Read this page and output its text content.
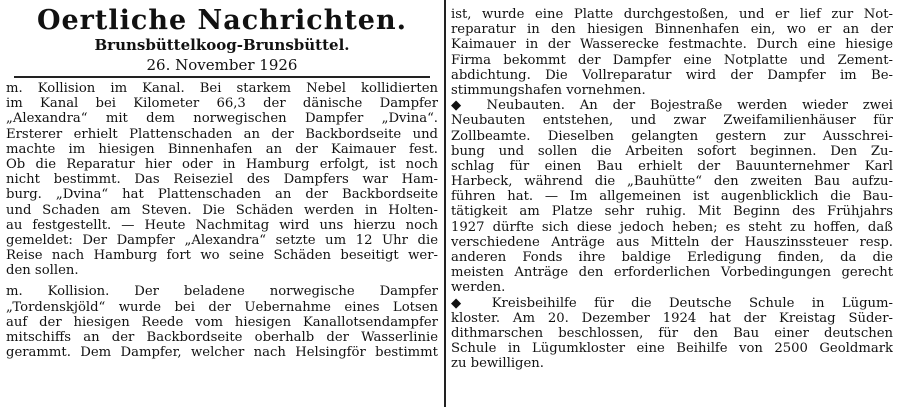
Oertliche Nachrichten.
Brunsbüttelkoog-Brunsbüttel.
26. November 1926
m. Kollision im Kanal. Bei starkem Nebel kollidierten
im Kanal bei Kilometer 66,3 der dänische Dampfer
„Alexandra“ mit dem norwegischen Dampfer „Dvina“.
Ersterer erhielt Plattenschaden an der Backbordseite und
machte im hiesigen Binnenhafen an der Kaimauer fest.
Ob die Reparatur hier oder in Hamburg erfolgt, ist noch
nicht bestimmt. Das Reiseziel des Dampfers war Ham-
burg. „Dvina“ hat Plattenschaden an der Backbordseite
und Schaden am Steven. Die Schäden werden in Holten-
au festgestellt. — Heute Nachmitag wird uns hierzu noch
gemeldet: Der Dampfer „Alexandra“ setzte um 12 Uhr die
Reise nach Hamburg fort wo seine Schäden beseitigt wer-
den sollen.
m. Kollision. Der beladene norwegische Dampfer
„Tordenskjöld“ wurde bei der Uebernahme eines Lotsen
auf der hiesigen Reede vom hiesigen Kanallotsendampfer
mitschiffs an der Backbordseite oberhalb der Wasserlinie
gerammt. Dem Dampfer, welcher nach Helsingför bestimmt
ist, wurde eine Platte durchgestoßen, und er lief zur Not-
reparatur in den hiesigen Binnenhafen ein, wo er an der
Kaimauer in der Wasserecke festmachte. Durch eine hiesige
Firma bekommt der Dampfer eine Notplatte und Zement-
abdichtung. Die Vollreparatur wird der Dampfer im Be-
stimmungshafen vornehmen.
◆ Neubauten. An der Bojestraße werden wieder zwei
Neubauten entstehen, und zwar Zweifamilienhäuser für
Zollbeamte. Dieselben gelangten gestern zur Ausschrei-
bung und sollen die Arbeiten sofort beginnen. Den Zu-
schlag für einen Bau erhielt der Bauunternehmer Karl
Harbeck, während die „Bauhütte“ den zweiten Bau aufzu-
führen hat. — Im allgemeinen ist augenblicklich die Bau-
tätigkeit am Platze sehr ruhig. Mit Beginn des Frühjahrs
1927 dürfte sich diese jedoch heben; es steht zu hoffen, daß
verschiedene Anträge aus Mitteln der Hauszinssteuer resp.
anderen Fonds ihre baldige Erledigung finden, da die
meisten Anträge den erforderlichen Vorbedingungen gerecht
werden.
◆ Kreisbeihilfe für die Deutsche Schule in Lügum-
kloster. Am 20. Dezember 1924 hat der Kreistag Süder-
dithmarschen beschlossen, für den Bau einer deutschen
Schule in Lügumkloster eine Beihilfe von 2500 Geoldmark
zu bewilligen.
